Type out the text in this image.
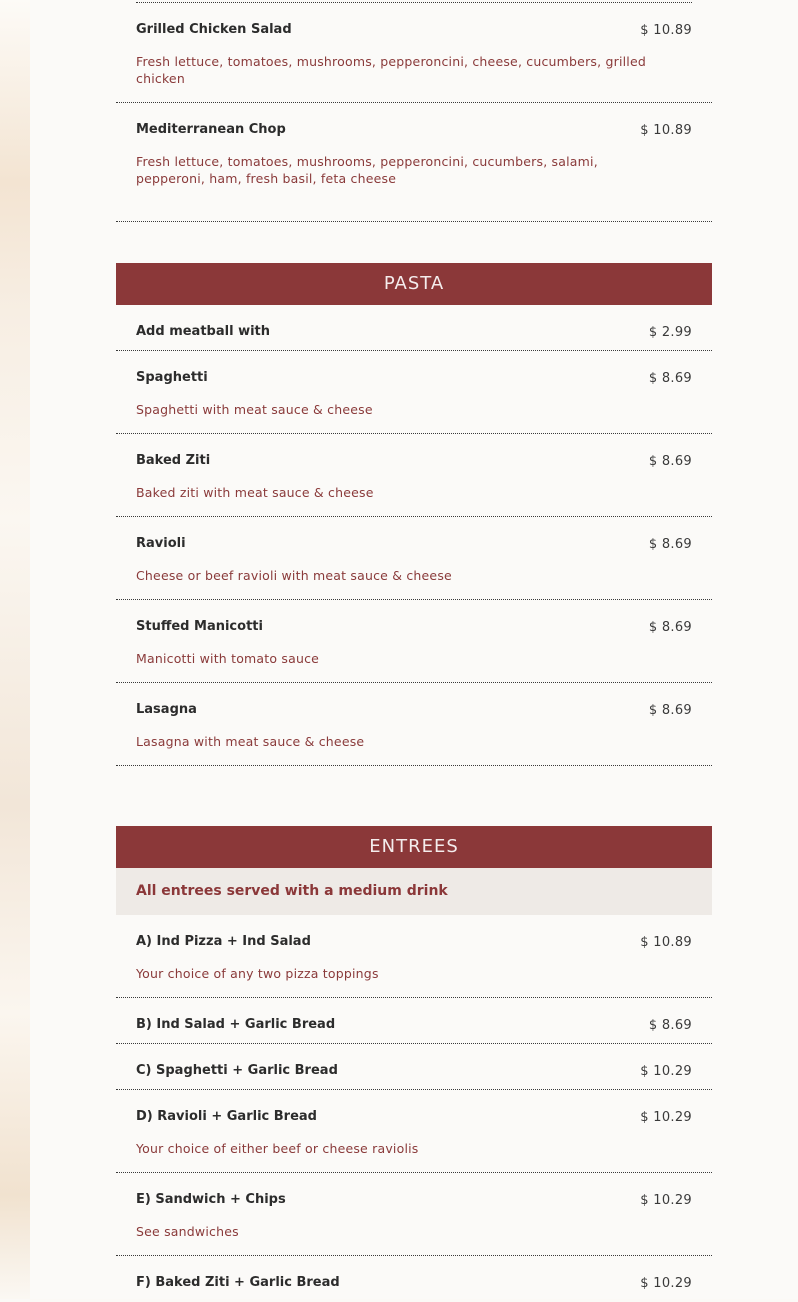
Grilled Chicken Salad	$ 10.89
Fresh lettuce, tomatoes, mushrooms, pepperoncini, cheese, cucumbers, grilled chicken
Mediterranean Chop	$ 10.89
Fresh lettuce, tomatoes, mushrooms, pepperoncini, cucumbers, salami, pepperoni, ham, fresh basil, feta cheese
PASTA
Add meatball with	$ 2.99
Spaghetti	$ 8.69
Spaghetti with meat sauce & cheese
Baked Ziti	$ 8.69
Baked ziti with meat sauce & cheese
Ravioli	$ 8.69
Cheese or beef ravioli with meat sauce & cheese
Stuffed Manicotti	$ 8.69
Manicotti with tomato sauce
Lasagna	$ 8.69
Lasagna with meat sauce & cheese
ENTREES
All entrees served with a medium drink
A) Ind Pizza + Ind Salad	$ 10.89
Your choice of any two pizza toppings
B) Ind Salad + Garlic Bread	$ 8.69
C) Spaghetti + Garlic Bread	$ 10.29
D) Ravioli + Garlic Bread	$ 10.29
Your choice of either beef or cheese raviolis
E) Sandwich + Chips	$ 10.29
See sandwiches
F) Baked Ziti + Garlic Bread	$ 10.29
